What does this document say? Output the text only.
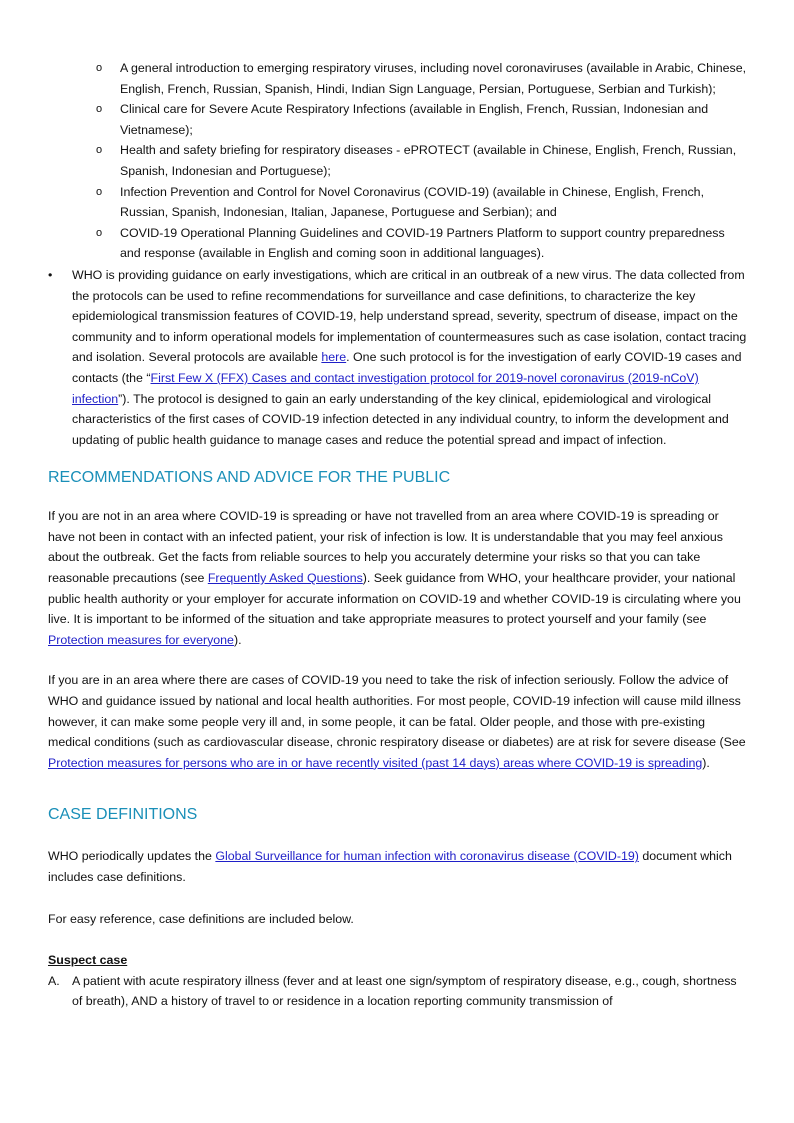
o A general introduction to emerging respiratory viruses, including novel coronaviruses (available in Arabic, Chinese, English, French, Russian, Spanish, Hindi, Indian Sign Language, Persian, Portuguese, Serbian and Turkish);
o Clinical care for Severe Acute Respiratory Infections (available in English, French, Russian, Indonesian and Vietnamese);
o Health and safety briefing for respiratory diseases - ePROTECT (available in Chinese, English, French, Russian, Spanish, Indonesian and Portuguese);
o Infection Prevention and Control for Novel Coronavirus (COVID-19) (available in Chinese, English, French, Russian, Spanish, Indonesian, Italian, Japanese, Portuguese and Serbian); and
o COVID-19 Operational Planning Guidelines and COVID-19 Partners Platform to support country preparedness and response (available in English and coming soon in additional languages).
• WHO is providing guidance on early investigations, which are critical in an outbreak of a new virus. The data collected from the protocols can be used to refine recommendations for surveillance and case definitions, to characterize the key epidemiological transmission features of COVID-19, help understand spread, severity, spectrum of disease, impact on the community and to inform operational models for implementation of countermeasures such as case isolation, contact tracing and isolation. Several protocols are available here. One such protocol is for the investigation of early COVID-19 cases and contacts (the “First Few X (FFX) Cases and contact investigation protocol for 2019-novel coronavirus (2019-nCoV) infection”). The protocol is designed to gain an early understanding of the key clinical, epidemiological and virological characteristics of the first cases of COVID-19 infection detected in any individual country, to inform the development and updating of public health guidance to manage cases and reduce the potential spread and impact of infection.
RECOMMENDATIONS AND ADVICE FOR THE PUBLIC

If you are not in an area where COVID-19 is spreading or have not travelled from an area where COVID-19 is spreading or have not been in contact with an infected patient, your risk of infection is low. It is understandable that you may feel anxious about the outbreak. Get the facts from reliable sources to help you accurately determine your risks so that you can take reasonable precautions (see Frequently Asked Questions). Seek guidance from WHO, your healthcare provider, your national public health authority or your employer for accurate information on COVID-19 and whether COVID-19 is circulating where you live. It is important to be informed of the situation and take appropriate measures to protect yourself and your family (see Protection measures for everyone).

If you are in an area where there are cases of COVID-19 you need to take the risk of infection seriously. Follow the advice of WHO and guidance issued by national and local health authorities. For most people, COVID-19 infection will cause mild illness however, it can make some people very ill and, in some people, it can be fatal. Older people, and those with pre-existing medical conditions (such as cardiovascular disease, chronic respiratory disease or diabetes) are at risk for severe disease (See Protection measures for persons who are in or have recently visited (past 14 days) areas where COVID-19 is spreading).

CASE DEFINITIONS

WHO periodically updates the Global Surveillance for human infection with coronavirus disease (COVID-19) document which includes case definitions.

For easy reference, case definitions are included below.

Suspect case

A. A patient with acute respiratory illness (fever and at least one sign/symptom of respiratory disease, e.g., cough, shortness of breath), AND a history of travel to or residence in a location reporting community transmission of
